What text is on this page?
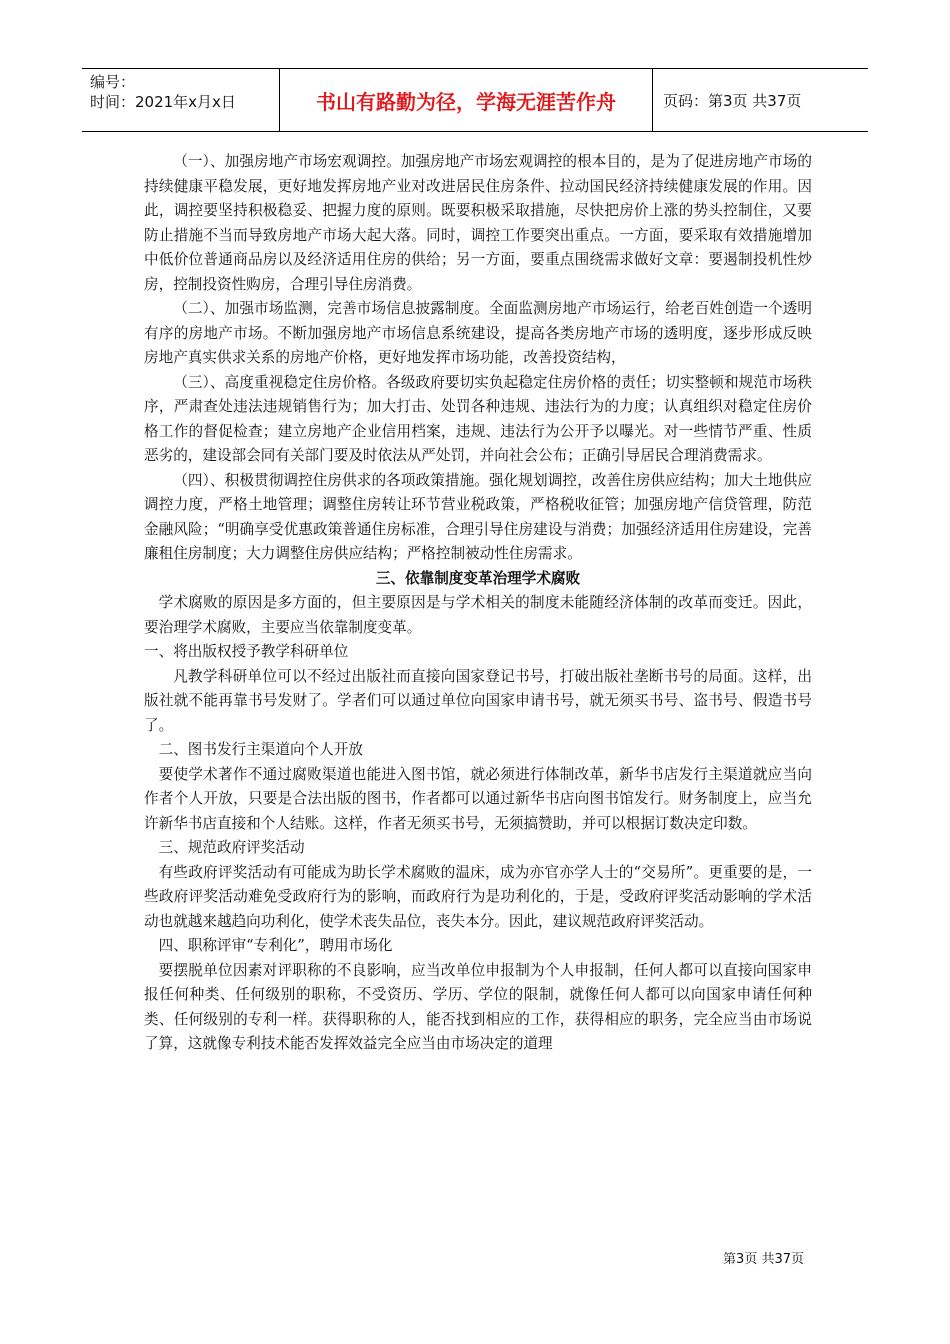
编号：
时间：2021年x月x日	书山有路勤为径，学海无涯苦作舟	页码：第3页 共37页

（一）、加强房地产市场宏观调控。加强房地产市场宏观调控的根本目的，是为了促进房地产市场的持续健康平稳发展，更好地发挥房地产业对改进居民住房条件、拉动国民经济持续健康发展的作用。因此，调控要坚持积极稳妥、把握力度的原则。既要积极采取措施，尽快把房价上涨的势头控制住，又要防止措施不当而导致房地产市场大起大落。同时，调控工作要突出重点。一方面，要采取有效措施增加中低价位普通商品房以及经济适用住房的供给；另一方面，要重点围绕需求做好文章：要遏制投机性炒房，控制投资性购房，合理引导住房消费。

（二）、加强市场监测，完善市场信息披露制度。全面监测房地产市场运行，给老百姓创造一个透明有序的房地产市场。不断加强房地产市场信息系统建设，提高各类房地产市场的透明度，逐步形成反映房地产真实供求关系的房地产价格，更好地发挥市场功能，改善投资结构，

（三）、高度重视稳定住房价格。各级政府要切实负起稳定住房价格的责任；切实整顿和规范市场秩序，严肃查处违法违规销售行为；加大打击、处罚各种违规、违法行为的力度；认真组织对稳定住房价格工作的督促检查；建立房地产企业信用档案，违规、违法行为公开予以曝光。对一些情节严重、性质恶劣的，建设部会同有关部门要及时依法从严处罚，并向社会公布；正确引导居民合理消费需求。

（四）、积极贯彻调控住房供求的各项政策措施。强化规划调控，改善住房供应结构；加大土地供应调控力度，严格土地管理；调整住房转让环节营业税政策，严格税收征管；加强房地产信贷管理，防范金融风险；“明确享受优惠政策普通住房标准，合理引导住房建设与消费；加强经济适用住房建设，完善廉租住房制度；大力调整住房供应结构；严格控制被动性住房需求。

三、依靠制度变革治理学术腐败

学术腐败的原因是多方面的，但主要原因是与学术相关的制度未能随经济体制的改革而变迁。因此，要治理学术腐败，主要应当依靠制度变革。

一、将出版权授予教学科研单位

凡教学科研单位可以不经过出版社而直接向国家登记书号，打破出版社垄断书号的局面。这样，出版社就不能再靠书号发财了。学者们可以通过单位向国家申请书号，就无须买书号、盗书号、假造书号了。

二、图书发行主渠道向个人开放

要使学术著作不通过腐败渠道也能进入图书馆，就必须进行体制改革，新华书店发行主渠道就应当向作者个人开放，只要是合法出版的图书，作者都可以通过新华书店向图书馆发行。财务制度上，应当允许新华书店直接和个人结账。这样，作者无须买书号，无须搞赞助，并可以根据订数决定印数。

三、规范政府评奖活动

有些政府评奖活动有可能成为助长学术腐败的温床，成为亦官亦学人士的“交易所”。更重要的是，一些政府评奖活动难免受政府行为的影响，而政府行为是功利化的，于是，受政府评奖活动影响的学术活动也就越来越趋向功利化，使学术丧失品位，丧失本分。因此，建议规范政府评奖活动。

四、职称评审“专利化”，聘用市场化

要摆脱单位因素对评职称的不良影响，应当改单位申报制为个人申报制，任何人都可以直接向国家申报任何种类、任何级别的职称，不受资历、学历、学位的限制，就像任何人都可以向国家申请任何种类、任何级别的专利一样。获得职称的人，能否找到相应的工作，获得相应的职务，完全应当由市场说了算，这就像专利技术能否发挥效益完全应当由市场决定的道理

第3页 共37页
